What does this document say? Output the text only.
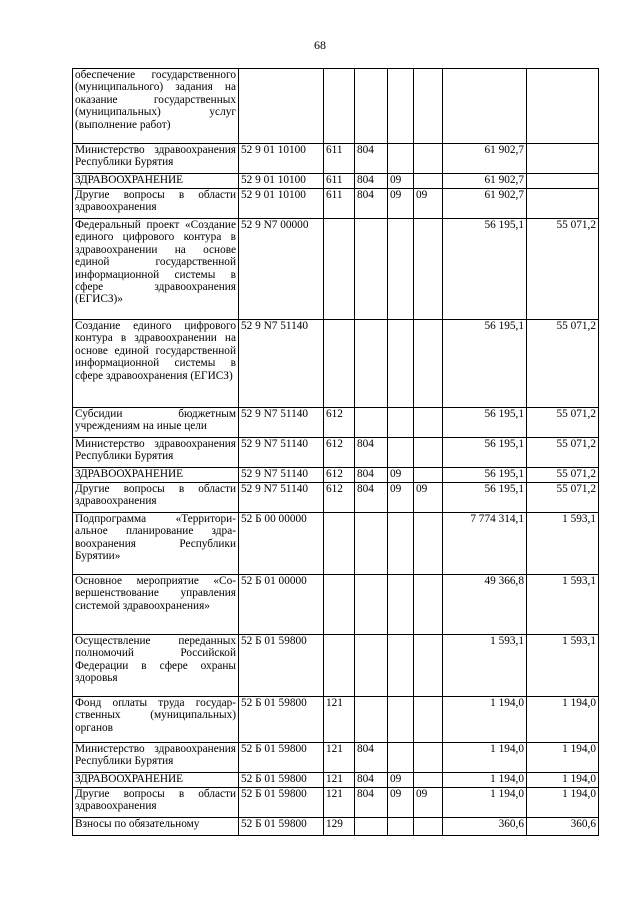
68
обеспечение государственного (муниципального) задания на оказание государственных (муниципальных) услуг (выполнение работ)							
Министерство здравоохранения Республики Бурятия	52 9 01 10100	611	804			61 902,7	
ЗДРАВООХРАНЕНИЕ	52 9 01 10100	611	804	09		61 902,7	
Другие вопросы в области здравоохранения	52 9 01 10100	611	804	09	09	61 902,7	
Федеральный проект «Создание единого цифрового контура в здравоохранении на основе единой государственной информационной системы в сфере здравоохранения (ЕГИСЗ)»	52 9 N7 00000					56 195,1	55 071,2
Создание единого цифрового контура в здравоохранении на основе единой государственной информационной системы в сфере здравоохранения (ЕГИСЗ)	52 9 N7 51140					56 195,1	55 071,2
Субсидии бюджетным учреждениям на иные цели	52 9 N7 51140	612				56 195,1	55 071,2
Министерство здравоохранения Республики Бурятия	52 9 N7 51140	612	804			56 195,1	55 071,2
ЗДРАВООХРАНЕНИЕ	52 9 N7 51140	612	804	09		56 195,1	55 071,2
Другие вопросы в области здравоохранения	52 9 N7 51140	612	804	09	09	56 195,1	55 071,2
Подпрограмма «Территориальное планирование здравоохранения Республики Бурятии»	52 Б 00 00000					7 774 314,1	1 593,1
Основное мероприятие «Совершенствование управления системой здравоохранения»	52 Б 01 00000					49 366,8	1 593,1
Осуществление переданных полномочий Российской Федерации в сфере охраны здоровья	52 Б 01 59800					1 593,1	1 593,1
Фонд оплаты труда государственных (муниципальных) органов	52 Б 01 59800	121				1 194,0	1 194,0
Министерство здравоохранения Республики Бурятия	52 Б 01 59800	121	804			1 194,0	1 194,0
ЗДРАВООХРАНЕНИЕ	52 Б 01 59800	121	804	09		1 194,0	1 194,0
Другие вопросы в области здравоохранения	52 Б 01 59800	121	804	09	09	1 194,0	1 194,0
Взносы по обязательному	52 Б 01 59800	129				360,6	360,6
